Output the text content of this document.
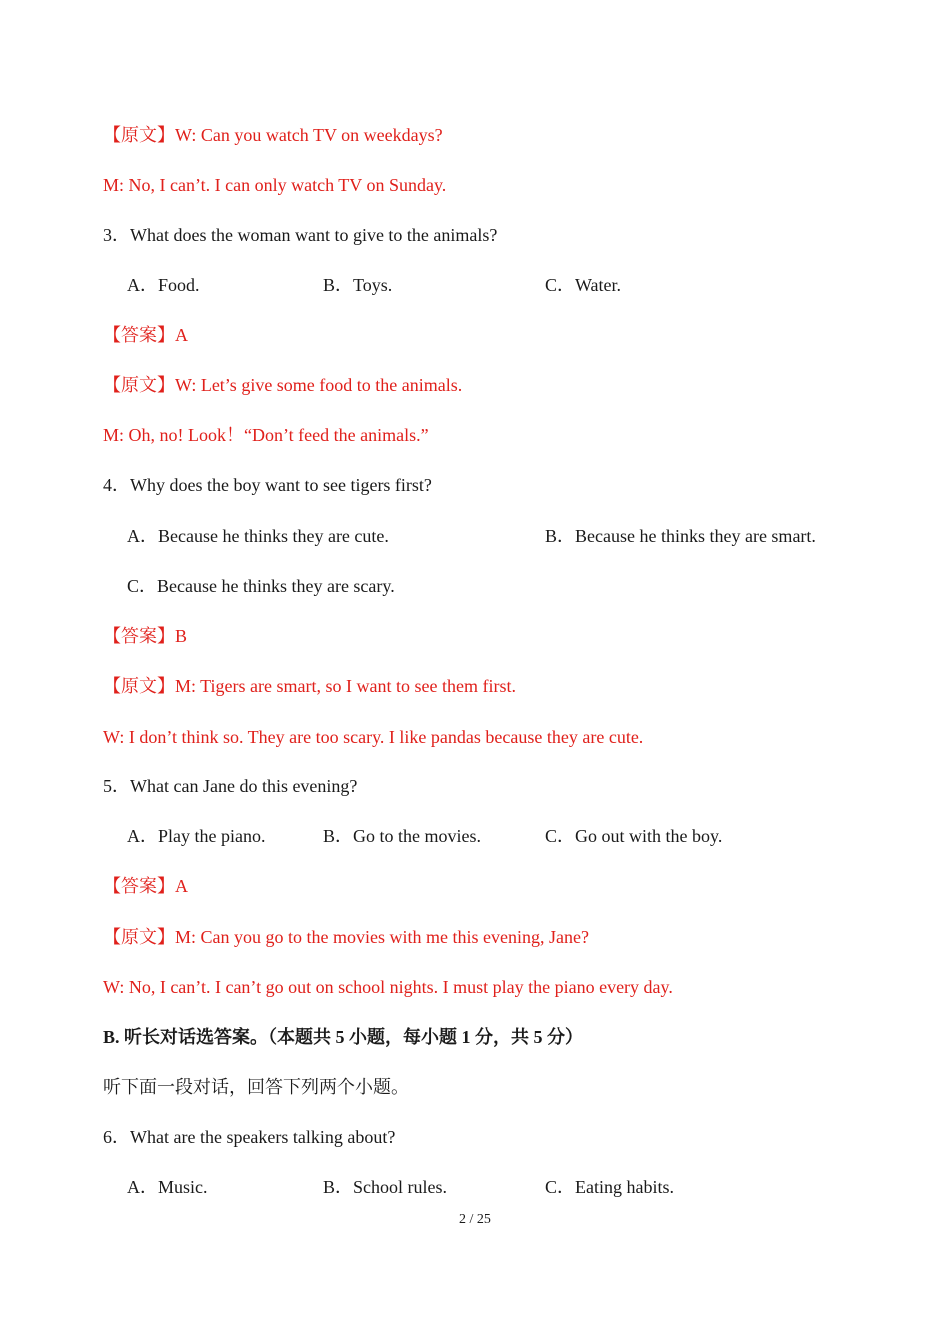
【原文】W: Can you watch TV on weekdays?
M: No, I can’t. I can only watch TV on Sunday.
3．What does the woman want to give to the animals?
A．Food.	B．Toys.	C．Water.
【答案】A
【原文】W: Let’s give some food to the animals.
M: Oh, no! Look！“Don’t feed the animals.”
4．Why does the boy want to see tigers first?
A．Because he thinks they are cute.	B．Because he thinks they are smart.
C．Because he thinks they are scary.
【答案】B
【原文】M: Tigers are smart, so I want to see them first.
W: I don’t think so. They are too scary. I like pandas because they are cute.
5．What can Jane do this evening?
A．Play the piano.	B．Go to the movies.	C．Go out with the boy.
【答案】A
【原文】M: Can you go to the movies with me this evening, Jane?
W: No, I can’t. I can’t go out on school nights. I must play the piano every day.
B. 听长对话选答案。（本题共 5 小题，每小题 1 分，共 5 分）
听下面一段对话，回答下列两个小题。
6．What are the speakers talking about?
A．Music.	B．School rules.	C．Eating habits.
2 / 25
